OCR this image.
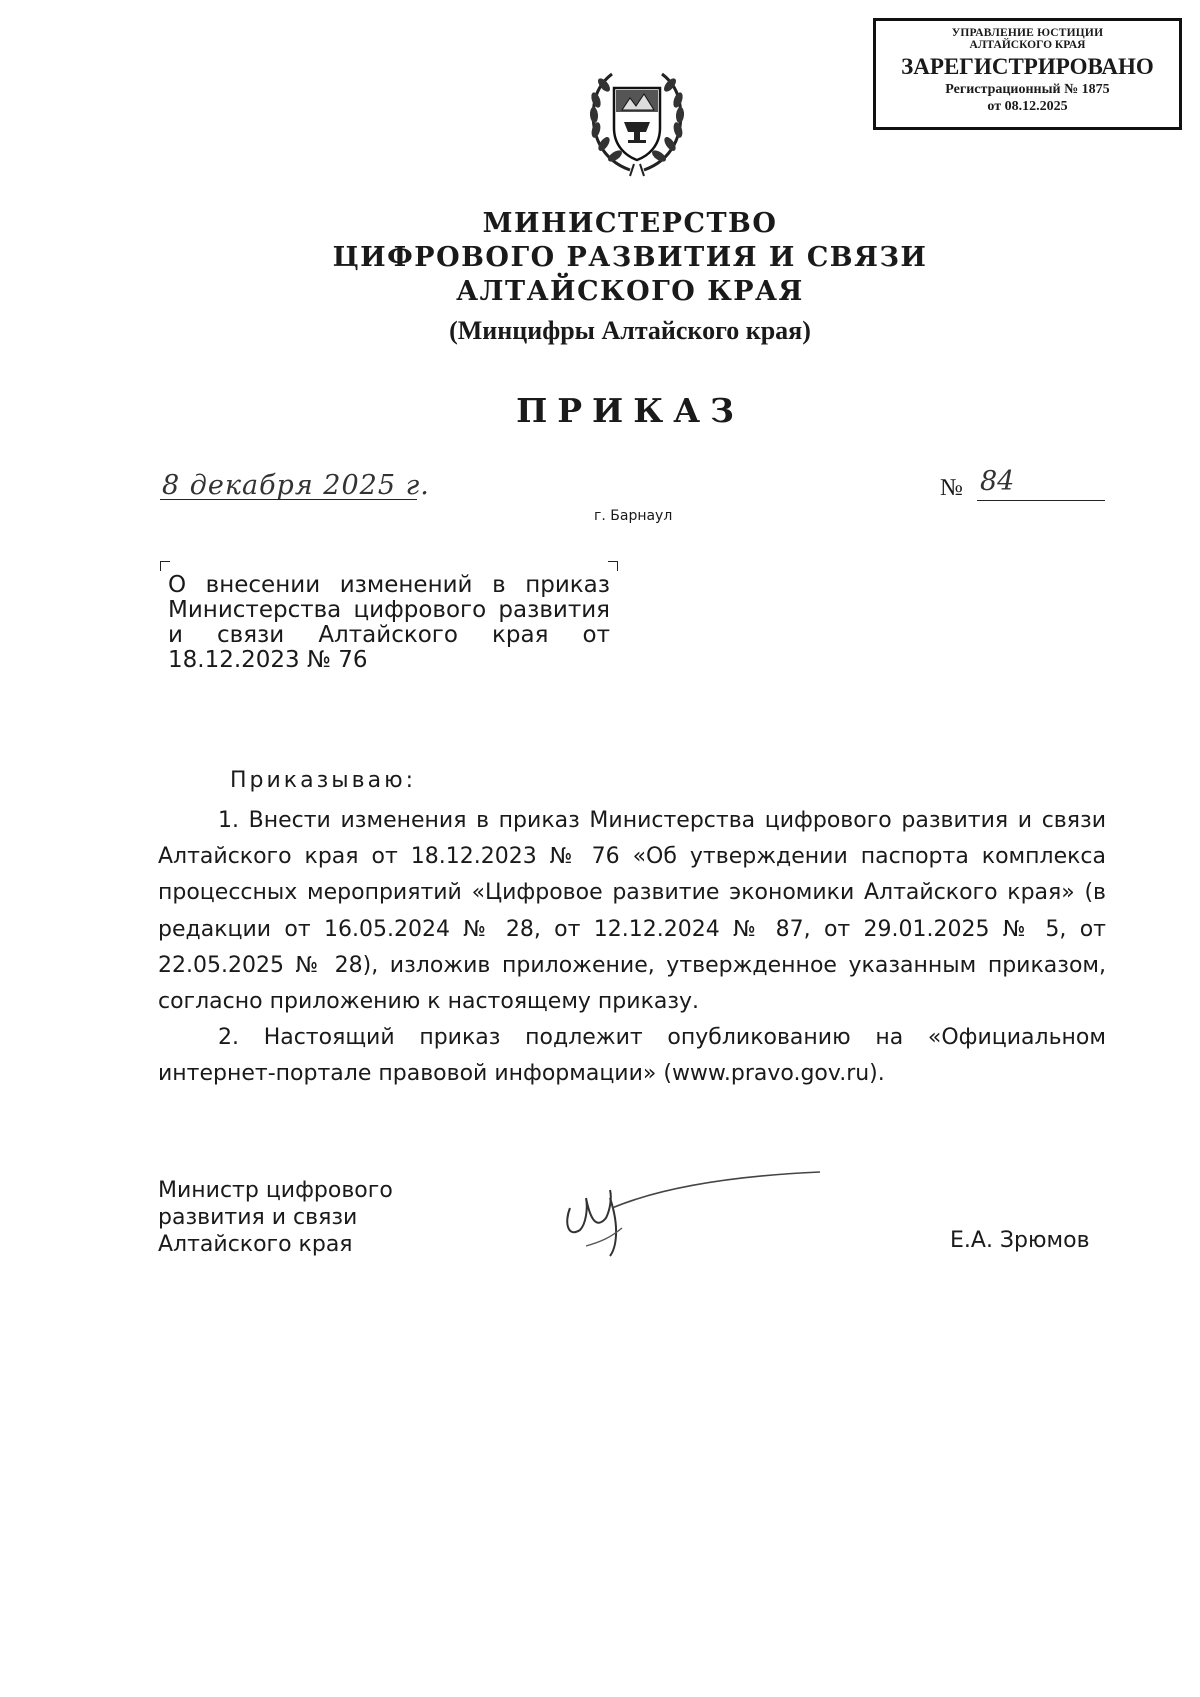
УПРАВЛЕНИЕ ЮСТИЦИИ
АЛТАЙСКОГО КРАЯ
ЗАРЕГИСТРИРОВАНО
Регистрационный № 1875
от 08.12.2025
МИНИСТЕРСТВО
ЦИФРОВОГО РАЗВИТИЯ И СВЯЗИ
АЛТАЙСКОГО КРАЯ
(Минцифры Алтайского края)
ПРИКАЗ
8 декабря 2025 г.	№ 84
г. Барнаул
О внесении изменений в приказ
Министерства цифрового развития
и связи Алтайского края от
18.12.2023 № 76
Приказываю:

1. Внести изменения в приказ Министерства цифрового развития и связи Алтайского края от 18.12.2023 № 76 «Об утверждении паспорта комплекса процессных мероприятий «Цифровое развитие экономики Алтайского края» (в редакции от 16.05.2024 № 28, от 12.12.2024 № 87, от 29.01.2025 № 5, от 22.05.2025 № 28), изложив приложение, утвержденное указанным приказом, согласно приложению к настоящему приказу.

2. Настоящий приказ подлежит опубликованию на «Официальном интернет-портале правовой информации» (www.pravo.gov.ru).

Министр цифрового
развития и связи
Алтайского края	Е.А. Зрюмов
